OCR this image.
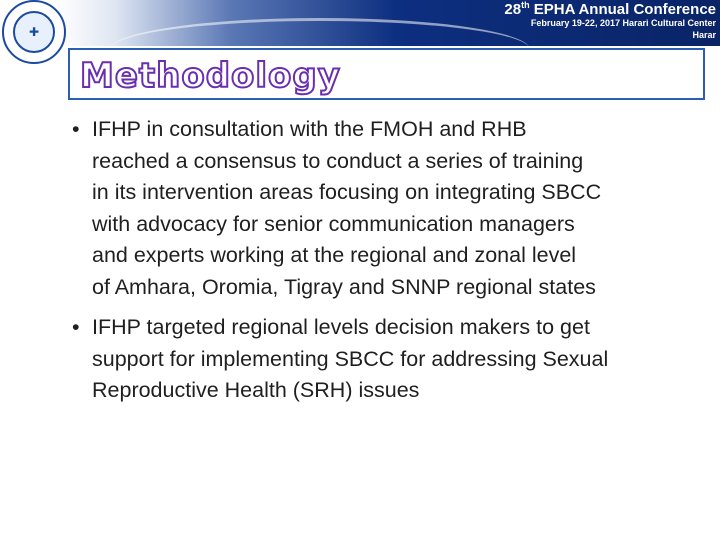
28th EPHA Annual Conference
February 19-22, 2017 Harari Cultural Center
Harar
✚
Methodology
• IFHP in consultation with the FMOH and RHB
reached a consensus to conduct a series of training
in its intervention areas focusing on integrating SBCC
with advocacy for senior communication managers
and experts working at the regional and zonal level
of Amhara, Oromia, Tigray and SNNP regional states
• IFHP targeted regional levels decision makers to get
support for implementing SBCC for addressing Sexual
Reproductive Health (SRH) issues
